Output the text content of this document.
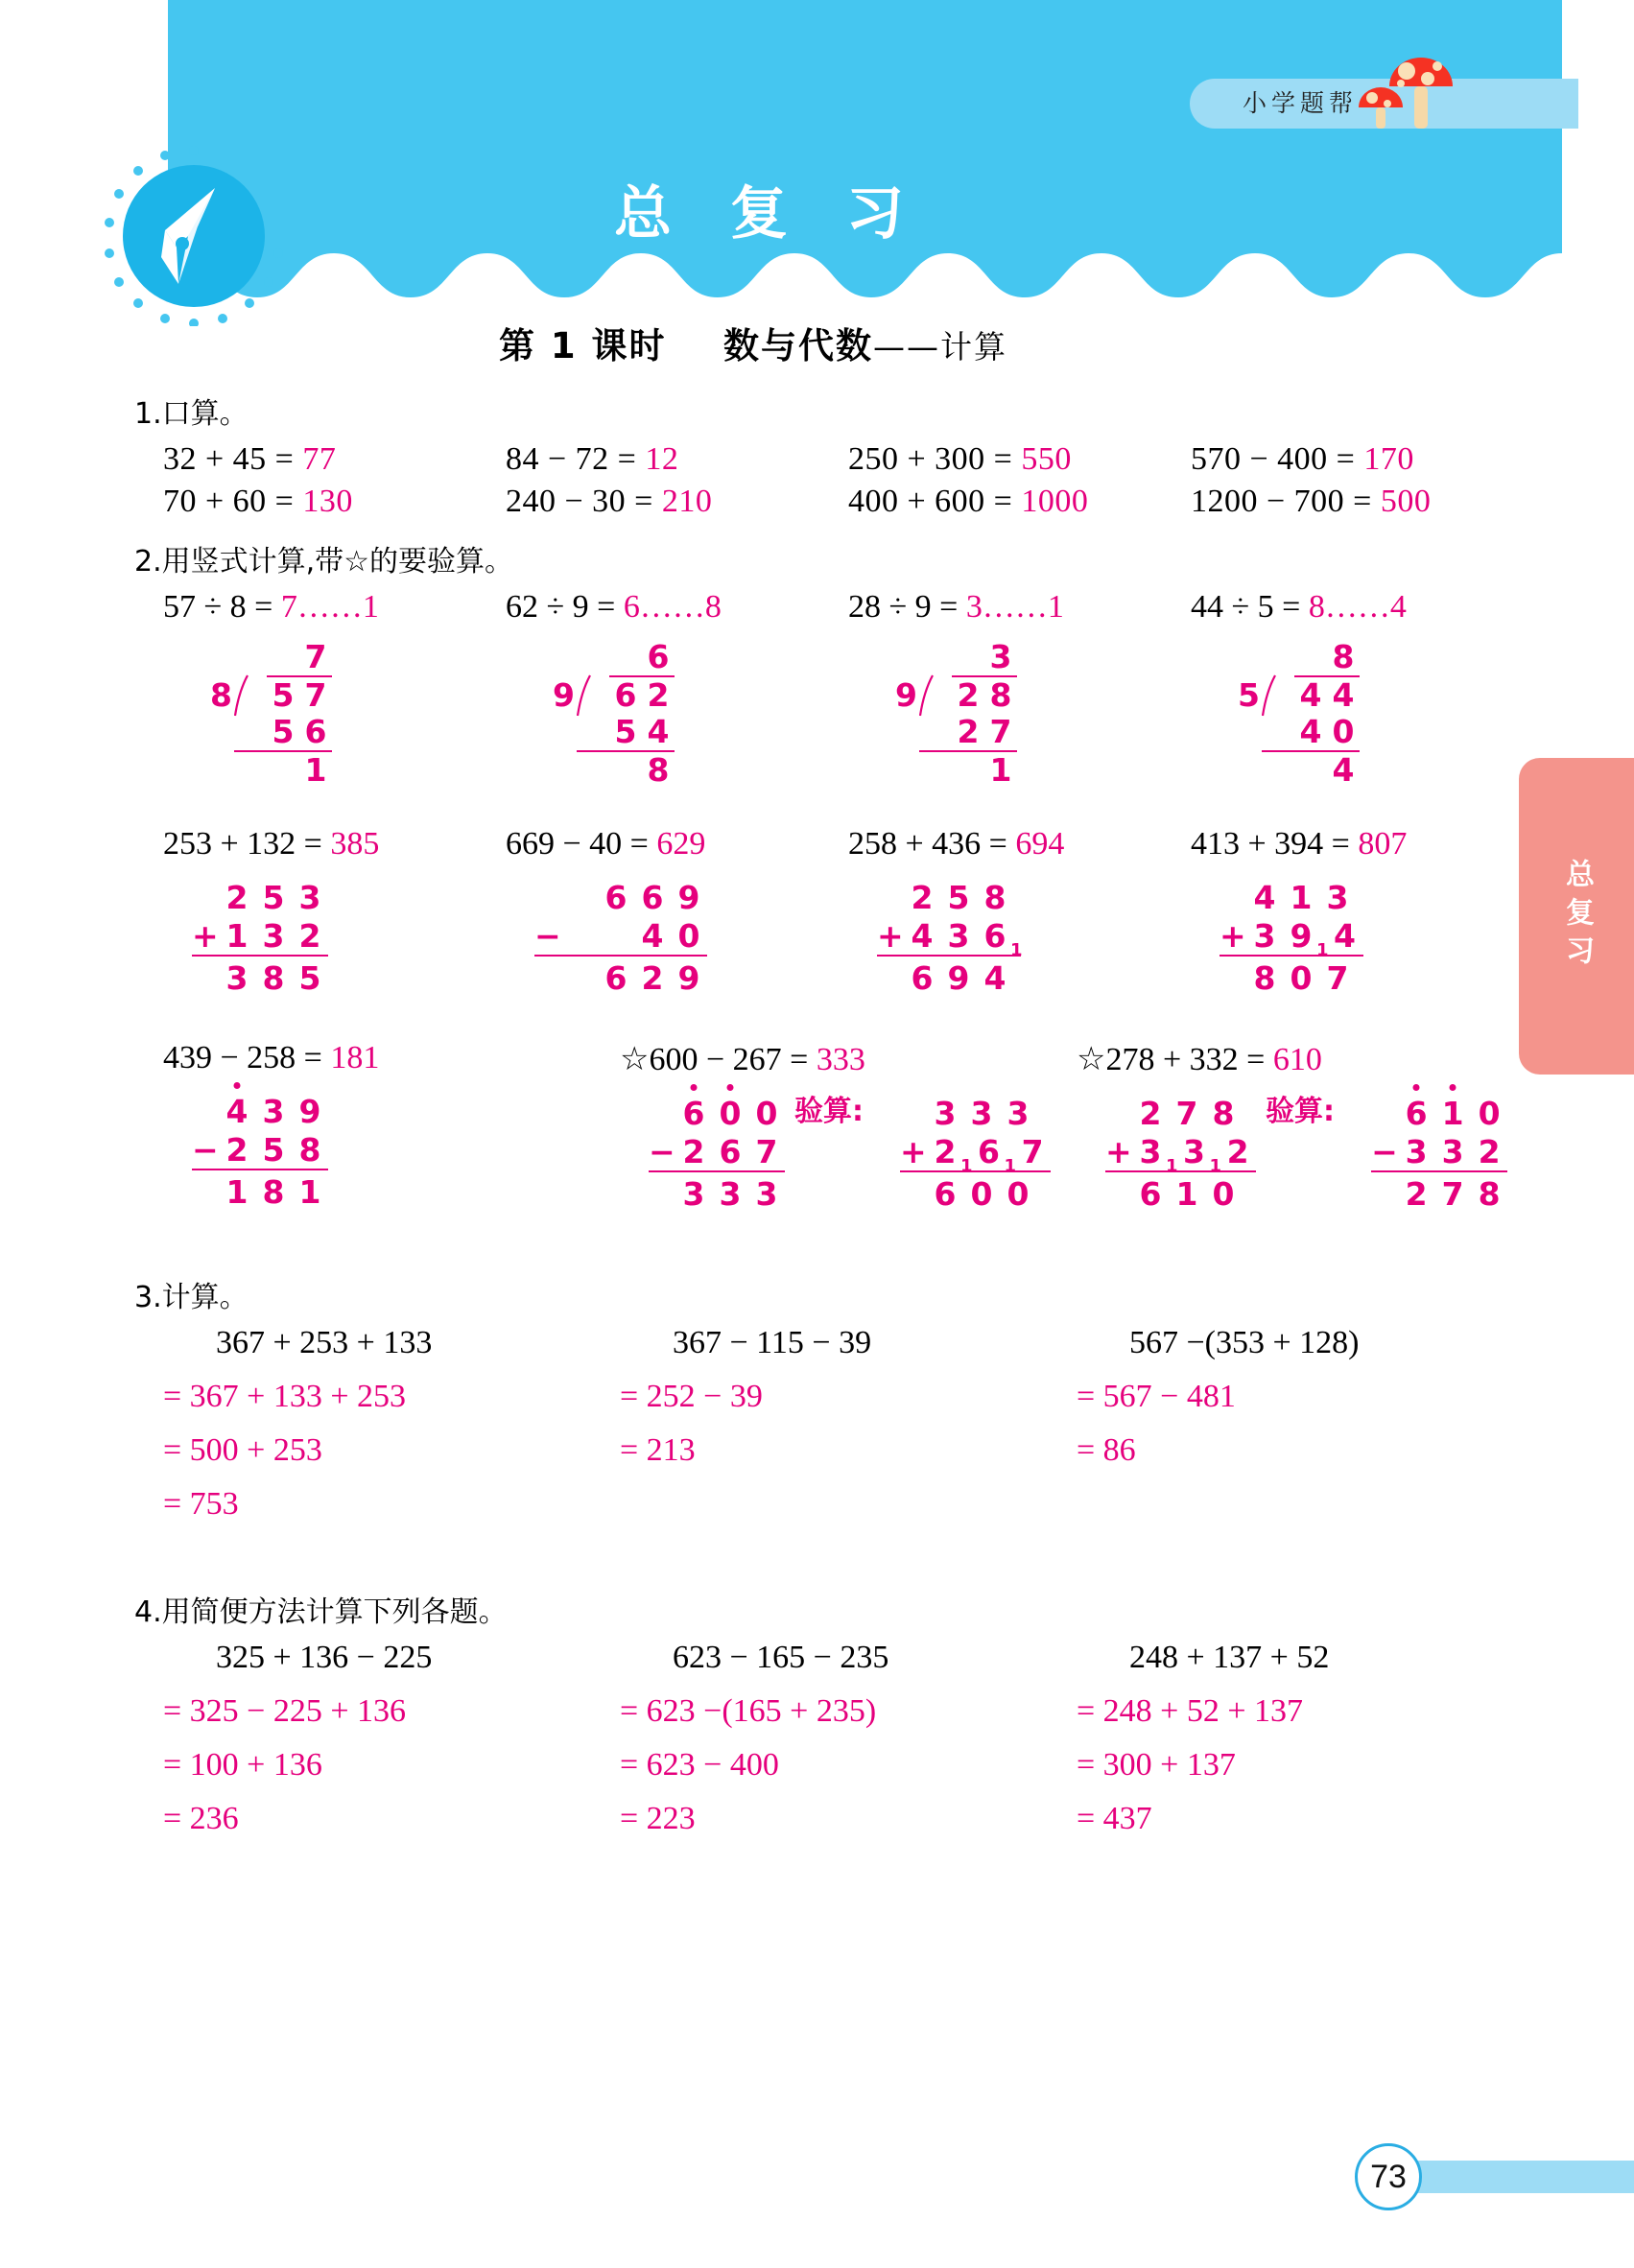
总 复 习
小学题帮
总复习
73
第 1 课时 数与代数——计算
1.口算。
32 + 45 = 77	84 − 72 = 12	250 + 300 = 550	570 − 400 = 170
70 + 60 = 130	240 − 30 = 210	400 + 600 = 1000	1200 − 700 = 500
2.用竖式计算,带☆的要验算。
57 ÷ 8 = 7……1
			7
8		5	7
		5	6
			1
62 ÷ 9 = 6……8
			6
9		6	2
		5	4
			8
28 ÷ 9 = 3……1
			3
9		2	8
		2	7
			1
44 ÷ 5 = 8……4
			8
5		4	4
		4	0
			4
253 + 132 = 385
2 5 3
+ 1 3 2
3 8 5
669 − 40 = 629
6 6 9
−	4 0
6 2 9
258 + 436 = 694
2 5 8
+ 4 3 6 1
6 9 4
413 + 394 = 807
4 1 3
+ 3 9 1 4
8 0 7
439 − 258 = 181
4 3 9
− 2 5 8
1 8 1
☆600 − 267 = 333
6 0 0
− 2 6 7
3 3 3
验算: 3 3 3
+ 2 1 6 1 7
6 0 0
☆278 + 332 = 610
2 7 8
+ 3 1 3 1 2
6 1 0
验算: 6 1 0
− 3 3 2
2 7 8
3.计算。
367 + 253 + 133
= 367 + 133 + 253
= 500 + 253
= 753
367 − 115 − 39
= 252 − 39
= 213
567 −(353 + 128)
= 567 − 481
= 86
4.用简便方法计算下列各题。
325 + 136 − 225
= 325 − 225 + 136
= 100 + 136
= 236
623 − 165 − 235
= 623 −(165 + 235)
= 623 − 400
= 223
248 + 137 + 52
= 248 + 52 + 137
= 300 + 137
= 437
